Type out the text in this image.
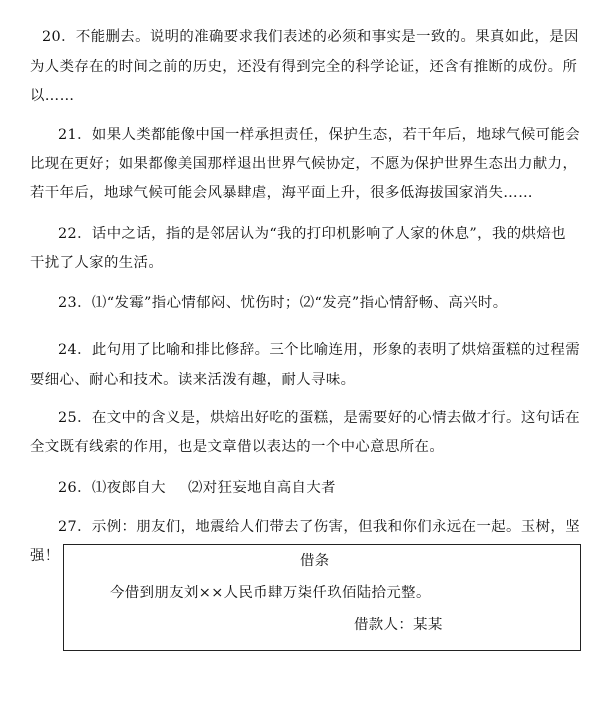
20．不能删去。说明的准确要求我们表述的必须和事实是一致的。果真如此，是因
为人类存在的时间之前的历史，还没有得到完全的科学论证，还含有推断的成份。所
以……
21．如果人类都能像中国一样承担责任，保护生态，若干年后，地球气候可能会
比现在更好；如果都像美国那样退出世界气候协定，不愿为保护世界生态出力献力，
若干年后，地球气候可能会风暴肆虐，海平面上升，很多低海拔国家消失……
22．话中之话，指的是邻居认为“我的打印机影响了人家的休息”，我的烘焙也
干扰了人家的生活。
23．⑴“发霉”指心情郁闷、忧伤时；⑵“发亮”指心情舒畅、高兴时。
24．此句用了比喻和排比修辞。三个比喻连用，形象的表明了烘焙蛋糕的过程需
要细心、耐心和技术。读来活泼有趣，耐人寻味。
25．在文中的含义是，烘焙出好吃的蛋糕，是需要好的心情去做才行。这句话在
全文既有线索的作用，也是文章借以表达的一个中心意思所在。
26．⑴夜郎自大 ⑵对狂妄地自高自大者
27．示例：朋友们，地震给人们带去了伤害，但我和你们永远在一起。玉树，坚
强！	借条
今借到朋友刘××人民币肆万柒仟玖佰陆拾元整。
借款人：某某
